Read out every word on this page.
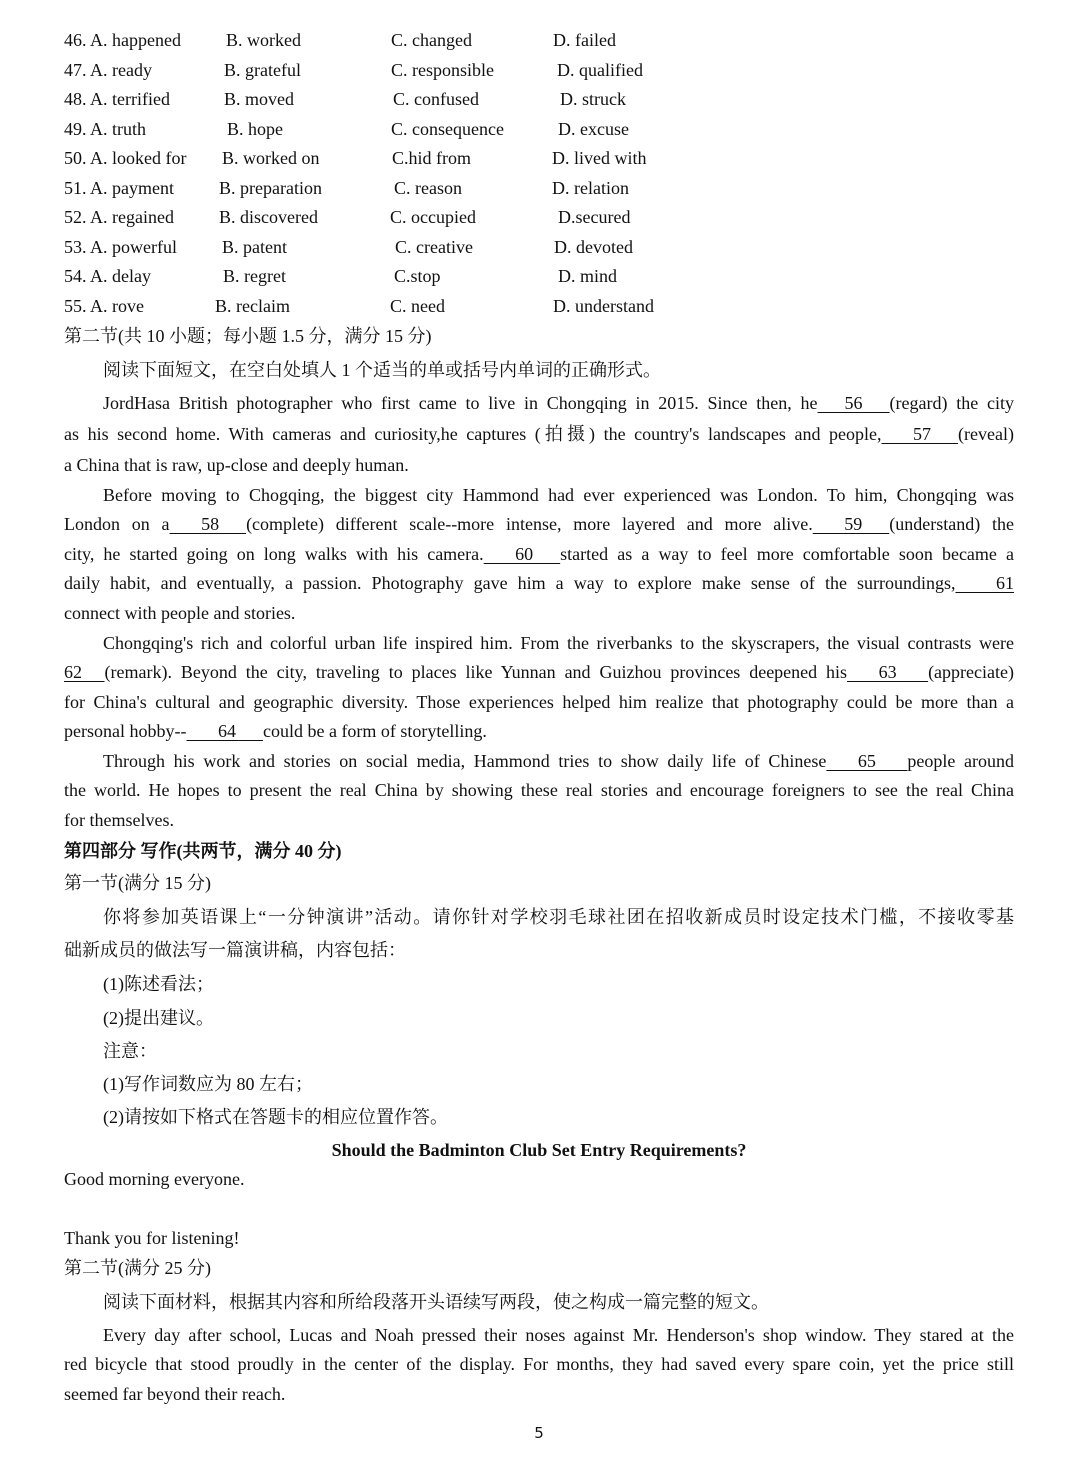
46. A. happened	B. worked	C. changed	D. failed
47. A. ready	B. grateful	C. responsible	D. qualified
48. A. terrified	B. moved	C. confused	D. struck
49. A. truth	B. hope	C. consequence	D. excuse
50. A. looked for B. worked on	C.hid from	D. lived with
51. A. payment	B. preparation	C. reason	D. relation
52. A. regained	B. discovered	C. occupied	D.secured
53. A. powerful	B. patent	C. creative	D. devoted
54. A. delay	B. regret	C.stop	D. mind
55. A. rove	B. reclaim	C. need	D. understand
第二节(共 10 小题；每小题 1.5 分，满分 15 分)
阅读下面短文，在空白处填人 1 个适当的单或括号内单词的正确形式。
JordHasa British photographer who first came to live in Chongqing in 2015. Since then, he      56      (regard) the city
as his second home. With cameras and curiosity,he captures (拍摄) the country's landscapes and people,       57      (reveal)
a China that is raw, up-close and deeply human.
Before moving to Chogqing, the biggest city Hammond had ever experienced was London. To him, Chongqing was
London on a       58      (complete) different scale--more intense, more layered and more alive.       59      (understand) the
city, he started going on long walks with his camera.       60      started as a way to feel more comfortable soon became a
daily habit, and eventually, a passion. Photography gave him a way to explore make sense of the surroundings,         61
connect with people and stories.
Chongqing's rich and colorful urban life inspired him. From the riverbanks to the skyscrapers, the visual contrasts were
62     (remark). Beyond the city, traveling to places like Yunnan and Guizhou provinces deepened his       63       (appreciate)
for China's cultural and geographic diversity. Those experiences helped him realize that photography could be more than a
personal hobby--       64      could be a form of storytelling.
Through his work and stories on social media, Hammond tries to show daily life of Chinese       65       people around
the world. He hopes to present the real China by showing these real stories and encourage foreigners to see the real China
for themselves.
第四部分 写作(共两节，满分 40 分)
第一节(满分 15 分)
你将参加英语课上“一分钟演讲”活动。请你针对学校羽毛球社团在招收新成员时设定技术门槛，不接收零基
础新成员的做法写一篇演讲稿，内容包括：
(1)陈述看法；
(2)提出建议。
注意：
(1)写作词数应为 80 左右；
(2)请按如下格式在答题卡的相应位置作答。
Should the Badminton Club Set Entry Requirements?
Good morning everyone.
Thank you for listening!
第二节(满分 25 分)
阅读下面材料，根据其内容和所给段落开头语续写两段，使之构成一篇完整的短文。
Every day after school, Lucas and Noah pressed their noses against Mr. Henderson's shop window. They stared at the
red bicycle that stood proudly in the center of the display. For months, they had saved every spare coin, yet the price still
seemed far beyond their reach.
5
